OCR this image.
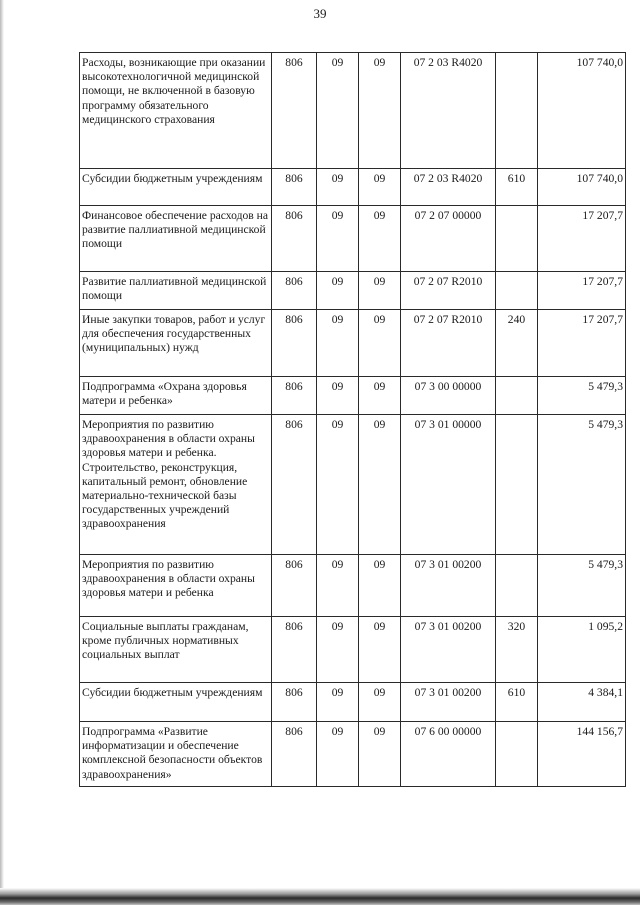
39
Расходы, возникающие при оказании высокотехнологичной медицинской помощи, не включенной в базовую программу обязательного медицинского страхования	806	09	09	07 2 03 R4020		107 740,0
Субсидии бюджетным учреждениям	806	09	09	07 2 03 R4020	610	107 740,0
Финансовое обеспечение расходов на развитие паллиативной медицинской помощи	806	09	09	07 2 07 00000		17 207,7
Развитие паллиативной медицинской помощи	806	09	09	07 2 07 R2010		17 207,7
Иные закупки товаров, работ и услуг для обеспечения государственных (муниципальных) нужд	806	09	09	07 2 07 R2010	240	17 207,7
Подпрограмма «Охрана здоровья матери и ребенка»	806	09	09	07 3 00 00000		5 479,3
Мероприятия по развитию здравоохранения в области охраны здоровья матери и ребенка. Строительство, реконструкция, капитальный ремонт, обновление материально-технической базы государственных учреждений здравоохранения	806	09	09	07 3 01 00000		5 479,3
Мероприятия по развитию здравоохранения в области охраны здоровья матери и ребенка	806	09	09	07 3 01 00200		5 479,3
Социальные выплаты гражданам, кроме публичных нормативных социальных выплат	806	09	09	07 3 01 00200	320	1 095,2
Субсидии бюджетным учреждениям	806	09	09	07 3 01 00200	610	4 384,1
Подпрограмма «Развитие информатизации и обеспечение комплексной безопасности объектов здравоохранения»	806	09	09	07 6 00 00000		144 156,7
